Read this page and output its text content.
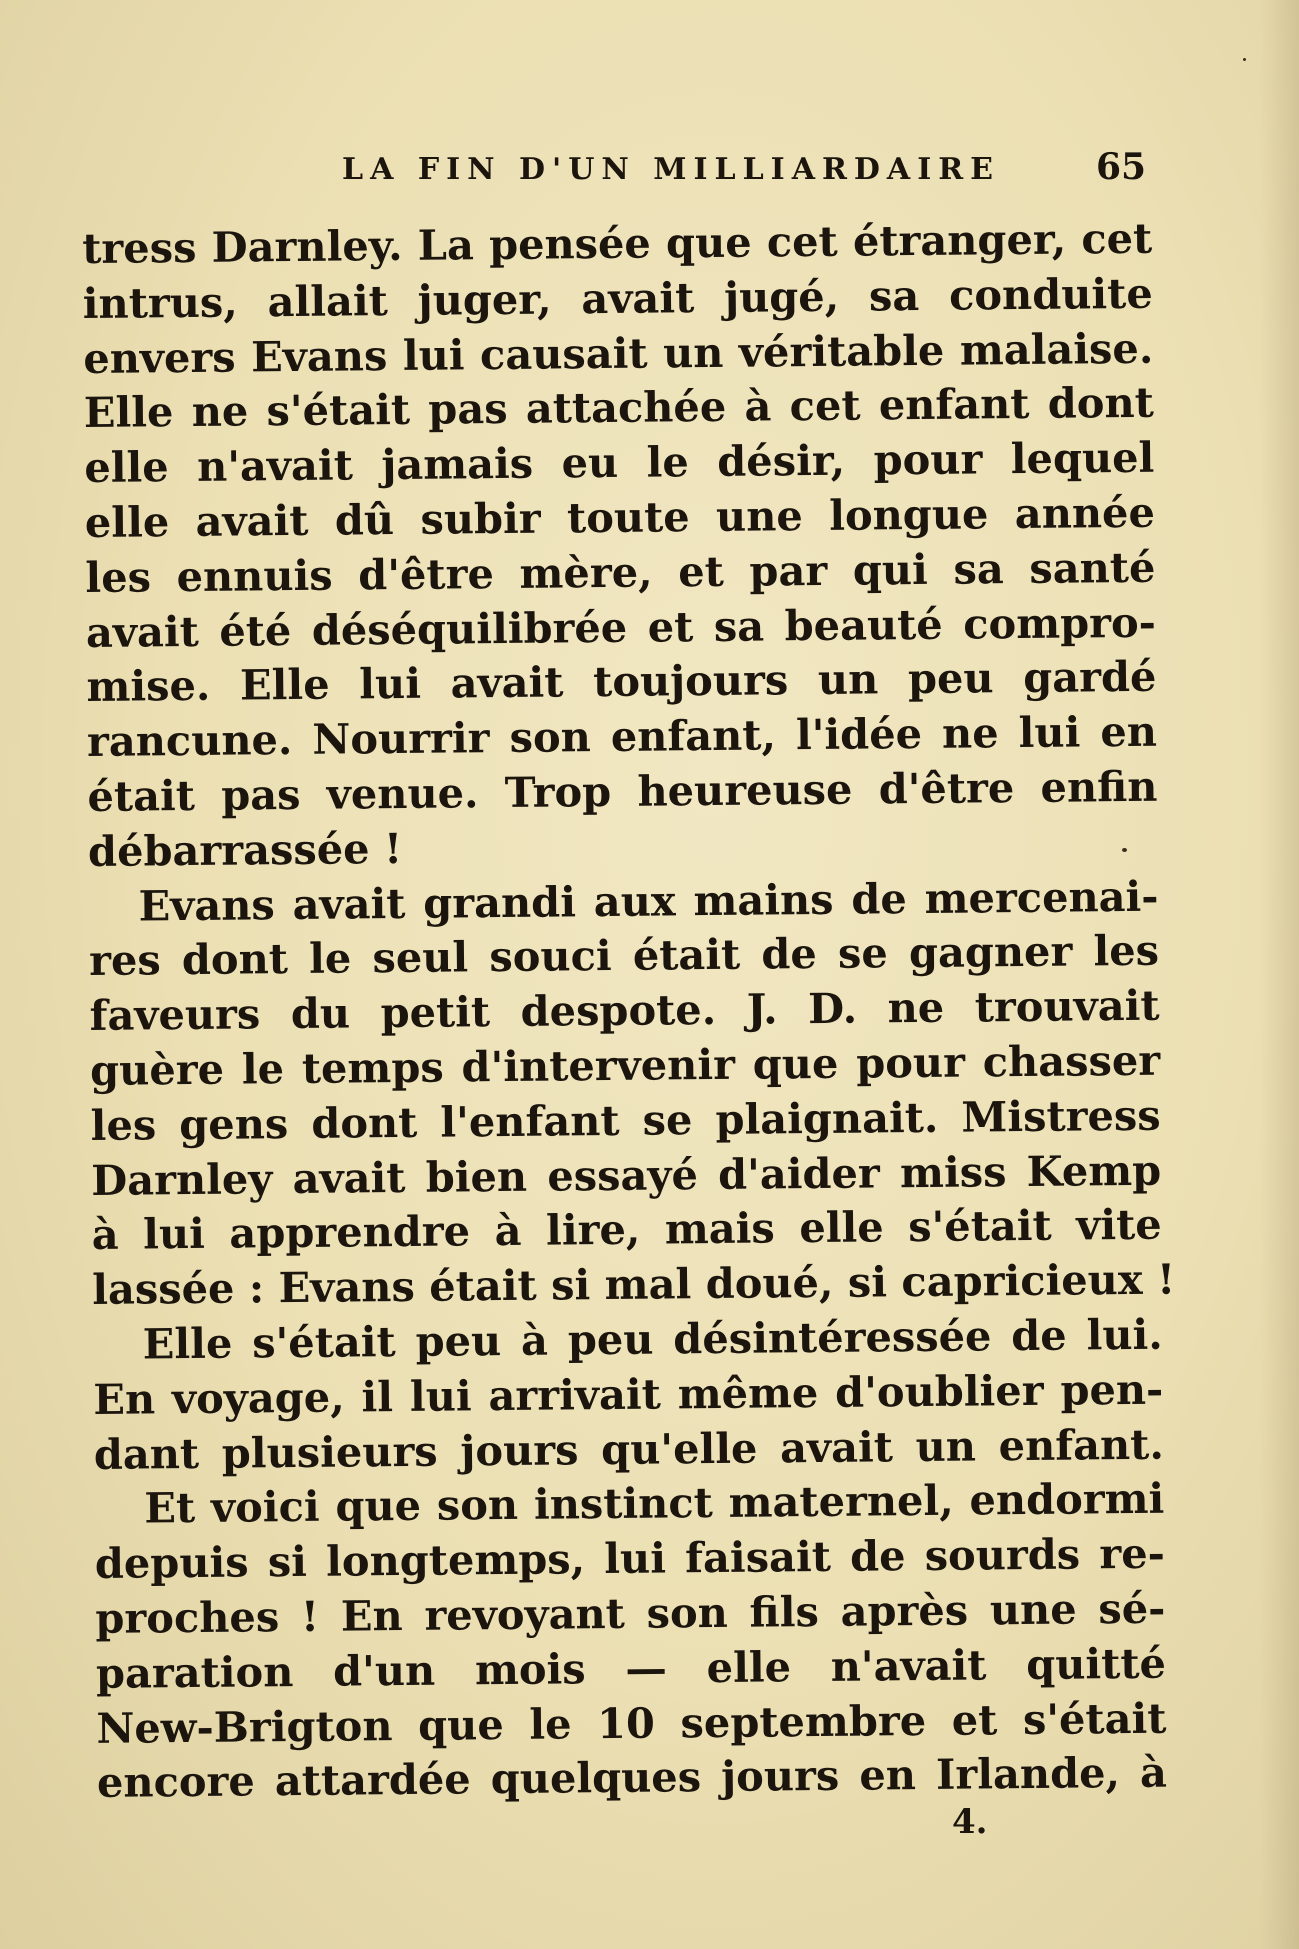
LA FIN D'UN MILLIARDAIRE	65
tress Darnley. La pensée que cet étranger, cet
intrus, allait juger, avait jugé, sa conduite
envers Evans lui causait un véritable malaise.
Elle ne s'était pas attachée à cet enfant dont
elle n'avait jamais eu le désir, pour lequel
elle avait dû subir toute une longue année
les ennuis d'être mère, et par qui sa santé
avait été déséquilibrée et sa beauté compro-
mise. Elle lui avait toujours un peu gardé
rancune. Nourrir son enfant, l'idée ne lui en
était pas venue. Trop heureuse d'être enfin
débarrassée !
Evans avait grandi aux mains de mercenai-
res dont le seul souci était de se gagner les
faveurs du petit despote. J. D. ne trouvait
guère le temps d'intervenir que pour chasser
les gens dont l'enfant se plaignait. Mistress
Darnley avait bien essayé d'aider miss Kemp
à lui apprendre à lire, mais elle s'était vite
lassée : Evans était si mal doué, si capricieux !
Elle s'était peu à peu désintéressée de lui.
En voyage, il lui arrivait même d'oublier pen-
dant plusieurs jours qu'elle avait un enfant.
Et voici que son instinct maternel, endormi
depuis si longtemps, lui faisait de sourds re-
proches ! En revoyant son fils après une sé-
paration d'un mois — elle n'avait quitté
New-Brigton que le 10 septembre et s'était
encore attardée quelques jours en Irlande, à
4.
